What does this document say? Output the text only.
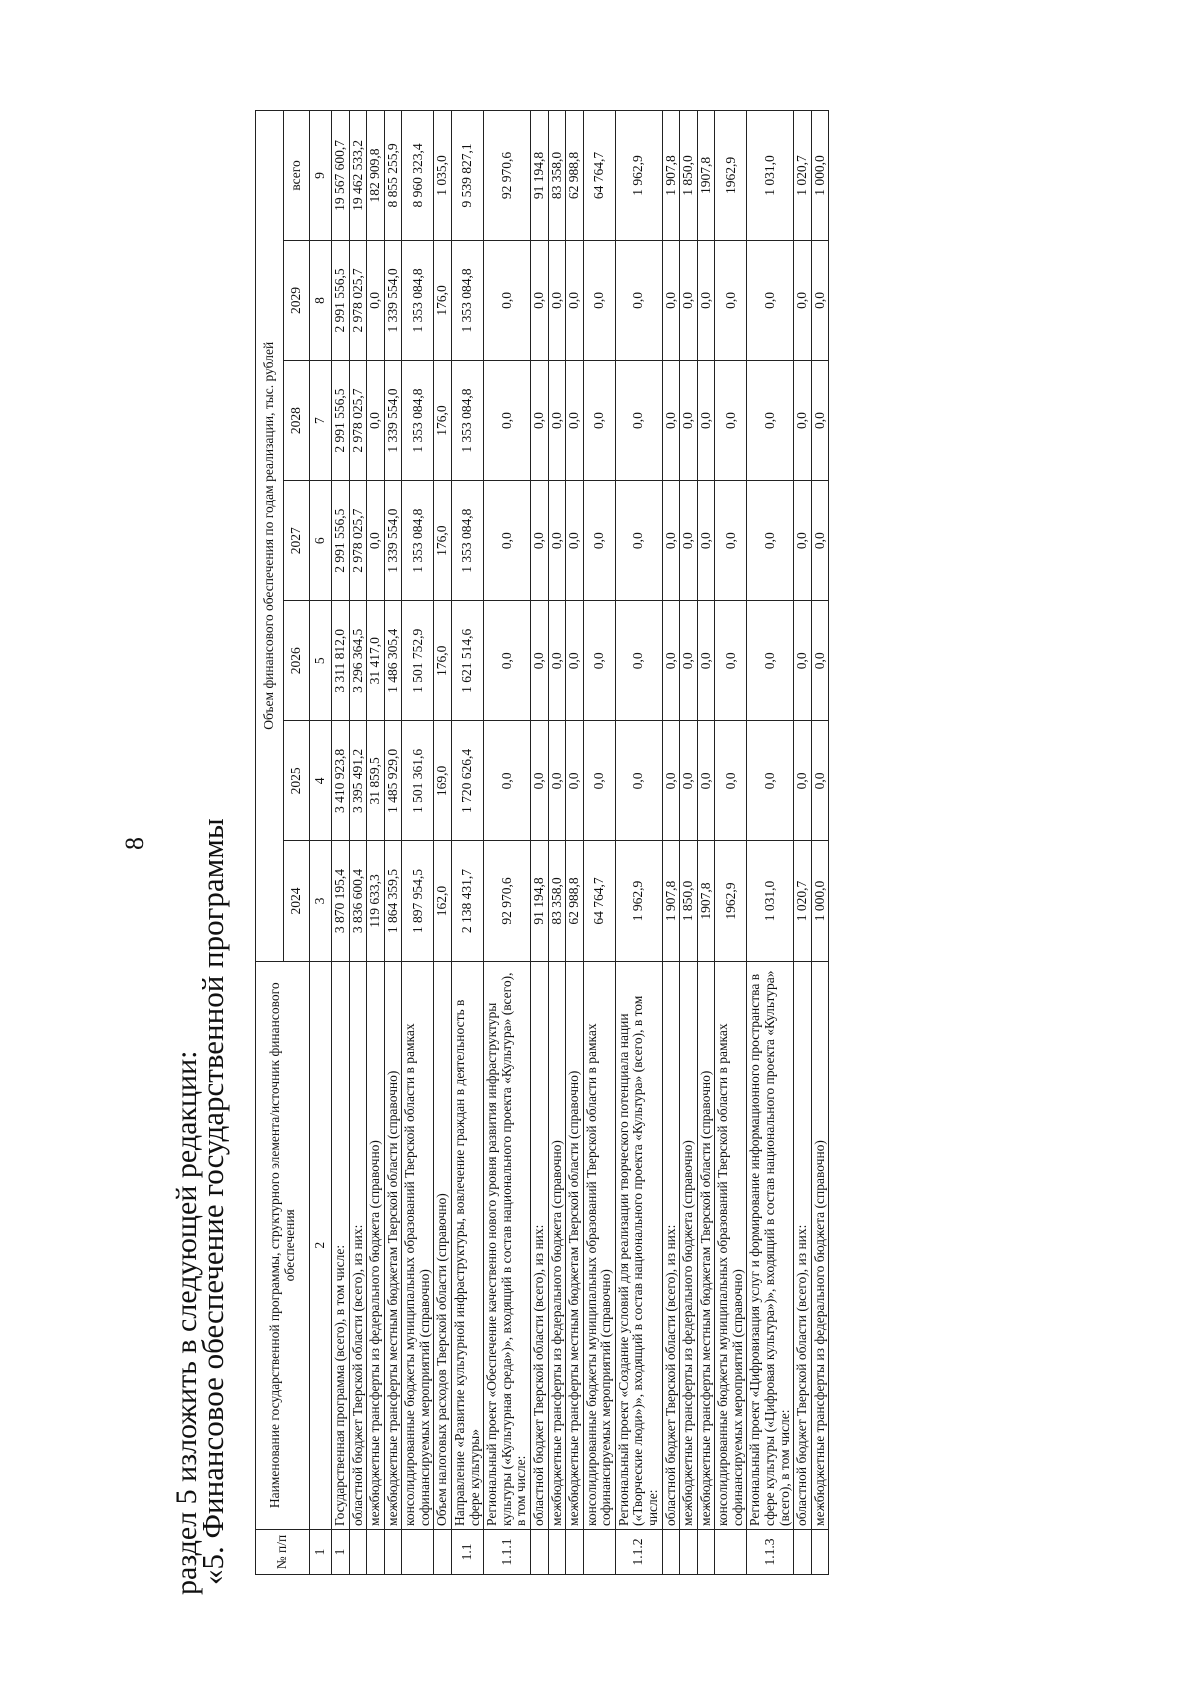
8
раздел 5 изложить в следующей редакции:
«5. Финансовое обеспечение государственной программы	№ п/п	Наименование государственной программы, структурного элемента/источник финансового обеспечения	Объем финансового обеспечения по годам реализации, тыс. рублей						
		2024	2025	2026	2027	2028	2029	всего
1	2	3	4	5	6	7	8	9
1	Государственная программа (всего), в том числе:	3 870 195,4	3 410 923,8	3 311 812,0	2 991 556,5	2 991 556,5	2 991 556,5	19 567 600,7
	областной бюджет Тверской области (всего), из них:	3 836 600,4	3 395 491,2	3 296 364,5	2 978 025,7	2 978 025,7	2 978 025,7	19 462 533,2
	межбюджетные трансферты из федерального бюджета (справочно)	119 633,3	31 859,5	31 417,0	0,0	0,0	0,0	182 909,8
	межбюджетные трансферты местным бюджетам Тверской области (справочно)	1 864 359,5	1 485 929,0	1 486 305,4	1 339 554,0	1 339 554,0	1 339 554,0	8 855 255,9
	консолидированные бюджеты муниципальных образований Тверской области в рамках софинансируемых мероприятий (справочно)	1 897 954,5	1 501 361,6	1 501 752,9	1 353 084,8	1 353 084,8	1 353 084,8	8 960 323,4
	Объем налоговых расходов Тверской области (справочно)	162,0	169,0	176,0	176,0	176,0	176,0	1 035,0
1.1	Направление «Развитие культурной инфраструктуры, вовлечение граждан в деятельность в сфере культуры»	2 138 431,7	1 720 626,4	1 621 514,6	1 353 084,8	1 353 084,8	1 353 084,8	9 539 827,1
1.1.1	Региональный проект «Обеспечение качественно нового уровня развития инфраструктуры культуры («Культурная среда»)», входящий в состав национального проекта «Культура» (всего), в том числе:	92 970,6	0,0	0,0	0,0	0,0	0,0	92 970,6
	областной бюджет Тверской области (всего), из них:	91 194,8	0,0	0,0	0,0	0,0	0,0	91 194,8
	межбюджетные трансферты из федерального бюджета (справочно)	83 358,0	0,0	0,0	0,0	0,0	0,0	83 358,0
	межбюджетные трансферты местным бюджетам Тверской области (справочно)	62 988,8	0,0	0,0	0,0	0,0	0,0	62 988,8
	консолидированные бюджеты муниципальных образований Тверской области в рамках софинансируемых мероприятий (справочно)	64 764,7	0,0	0,0	0,0	0,0	0,0	64 764,7
1.1.2	Региональный проект «Создание условий для реализации творческого потенциала нации («Творческие люди»)», входящий в состав национального проекта «Культура» (всего), в том числе:	1 962,9	0,0	0,0	0,0	0,0	0,0	1 962,9
	областной бюджет Тверской области (всего), из них:	1 907,8	0,0	0,0	0,0	0,0	0,0	1 907,8
	межбюджетные трансферты из федерального бюджета (справочно)	1 850,0	0,0	0,0	0,0	0,0	0,0	1 850,0
	межбюджетные трансферты местным бюджетам Тверской области (справочно)	1907,8	0,0	0,0	0,0	0,0	0,0	1907,8
	консолидированные бюджеты муниципальных образований Тверской области в рамках софинансируемых мероприятий (справочно)	1962,9	0,0	0,0	0,0	0,0	0,0	1962,9
1.1.3	Региональный проект «Цифровизация услуг и формирование информационного пространства в сфере культуры («Цифровая культура»)», входящий в состав национального проекта «Культура» (всего), в том числе:	1 031,0	0,0	0,0	0,0	0,0	0,0	1 031,0
	областной бюджет Тверской области (всего), из них:	1 020,7	0,0	0,0	0,0	0,0	0,0	1 020,7
	межбюджетные трансферты из федерального бюджета (справочно)	1 000,0	0,0	0,0	0,0	0,0	0,0	1 000,0
